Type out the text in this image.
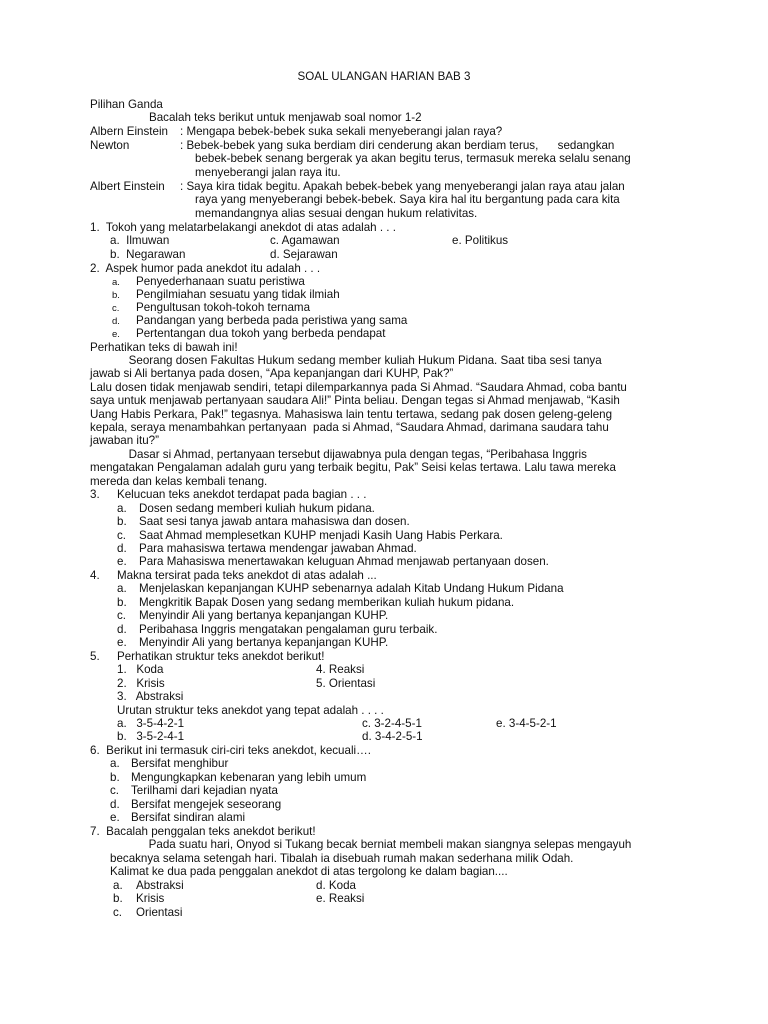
SOAL ULANGAN HARIAN BAB 3
Pilihan Ganda
Bacalah teks berikut untuk menjawab soal nomor 1-2
Albern Einstein : Mengapa bebek-bebek suka sekali menyeberangi jalan raya?
Newton	: Bebek-bebek yang suka berdiam diri cenderung akan berdiam terus,      sedangkan
bebek-bebek senang bergerak ya akan begitu terus, termasuk mereka selalu senang
menyeberangi jalan raya itu.
Albert Einstein : Saya kira tidak begitu. Apakah bebek-bebek yang menyeberangi jalan raya atau jalan
raya yang menyeberangi bebek-bebek. Saya kira hal itu bergantung pada cara kita
memandangnya alias sesuai dengan hukum relativitas.
1.  Tokoh yang melatarbelakangi anekdot di atas adalah . . .
a.  Ilmuwan	c. Agamawan	e. Politikus
b.  Negarawan	d. Sejarawan
2.  Aspek humor pada anekdot itu adalah . . .
a. Penyederhanaan suatu peristiwa
b. Pengilmiahan sesuatu yang tidak ilmiah
c. Pengultusan tokoh-tokoh ternama
d. Pandangan yang berbeda pada peristiwa yang sama
e. Pertentangan dua tokoh yang berbeda pendapat
Perhatikan teks di bawah ini!
Seorang dosen Fakultas Hukum sedang member kuliah Hukum Pidana. Saat tiba sesi tanya
jawab si Ali bertanya pada dosen, “Apa kepanjangan dari KUHP, Pak?”
Lalu dosen tidak menjawab sendiri, tetapi dilemparkannya pada Si Ahmad. “Saudara Ahmad, coba bantu
saya untuk menjawab pertanyaan saudara Ali!” Pinta beliau. Dengan tegas si Ahmad menjawab, “Kasih
Uang Habis Perkara, Pak!” tegasnya. Mahasiswa lain tentu tertawa, sedang pak dosen geleng-geleng
kepala, seraya menambahkan pertanyaan  pada si Ahmad, “Saudara Ahmad, darimana saudara tahu
jawaban itu?”
Dasar si Ahmad, pertanyaan tersebut dijawabnya pula dengan tegas, “Peribahasa Inggris
mengatakan Pengalaman adalah guru yang terbaik begitu, Pak” Seisi kelas tertawa. Lalu tawa mereka
mereda dan kelas kembali tenang.
3. Kelucuan teks anekdot terdapat pada bagian . . .
a. Dosen sedang memberi kuliah hukum pidana.
b. Saat sesi tanya jawab antara mahasiswa dan dosen.
c. Saat Ahmad memplesetkan KUHP menjadi Kasih Uang Habis Perkara.
d. Para mahasiswa tertawa mendengar jawaban Ahmad.
e. Para Mahasiswa menertawakan keluguan Ahmad menjawab pertanyaan dosen.
4. Makna tersirat pada teks anekdot di atas adalah ...
a. Menjelaskan kepanjangan KUHP sebenarnya adalah Kitab Undang Hukum Pidana
b. Mengkritik Bapak Dosen yang sedang memberikan kuliah hukum pidana.
c. Menyindir Ali yang bertanya kepanjangan KUHP.
d. Peribahasa Inggris mengatakan pengalaman guru terbaik.
e. Menyindir Ali yang bertanya kepanjangan KUHP.
5. Perhatikan struktur teks anekdot berikut!
1.   Koda	4. Reaksi
2.   Krisis	5. Orientasi
3.   Abstraksi
Urutan struktur teks anekdot yang tepat adalah . . . .
a.   3-5-4-2-1	c. 3-2-4-5-1	e. 3-4-5-2-1
b.   3-5-2-4-1	d. 3-4-2-5-1
6.  Berikut ini termasuk ciri-ciri teks anekdot, kecuali….
a. Bersifat menghibur
b. Mengungkapkan kebenaran yang lebih umum
c. Terilhami dari kejadian nyata
d. Bersifat mengejek seseorang
e. Bersifat sindiran alami
7.  Bacalah penggalan teks anekdot berikut!
Pada suatu hari, Onyod si Tukang becak berniat membeli makan siangnya selepas mengayuh
becaknya selama setengah hari. Tibalah ia disebuah rumah makan sederhana milik Odah.
Kalimat ke dua pada penggalan anekdot di atas tergolong ke dalam bagian....
a. Abstraksi	d. Koda
b. Krisis	e. Reaksi
c. Orientasi
